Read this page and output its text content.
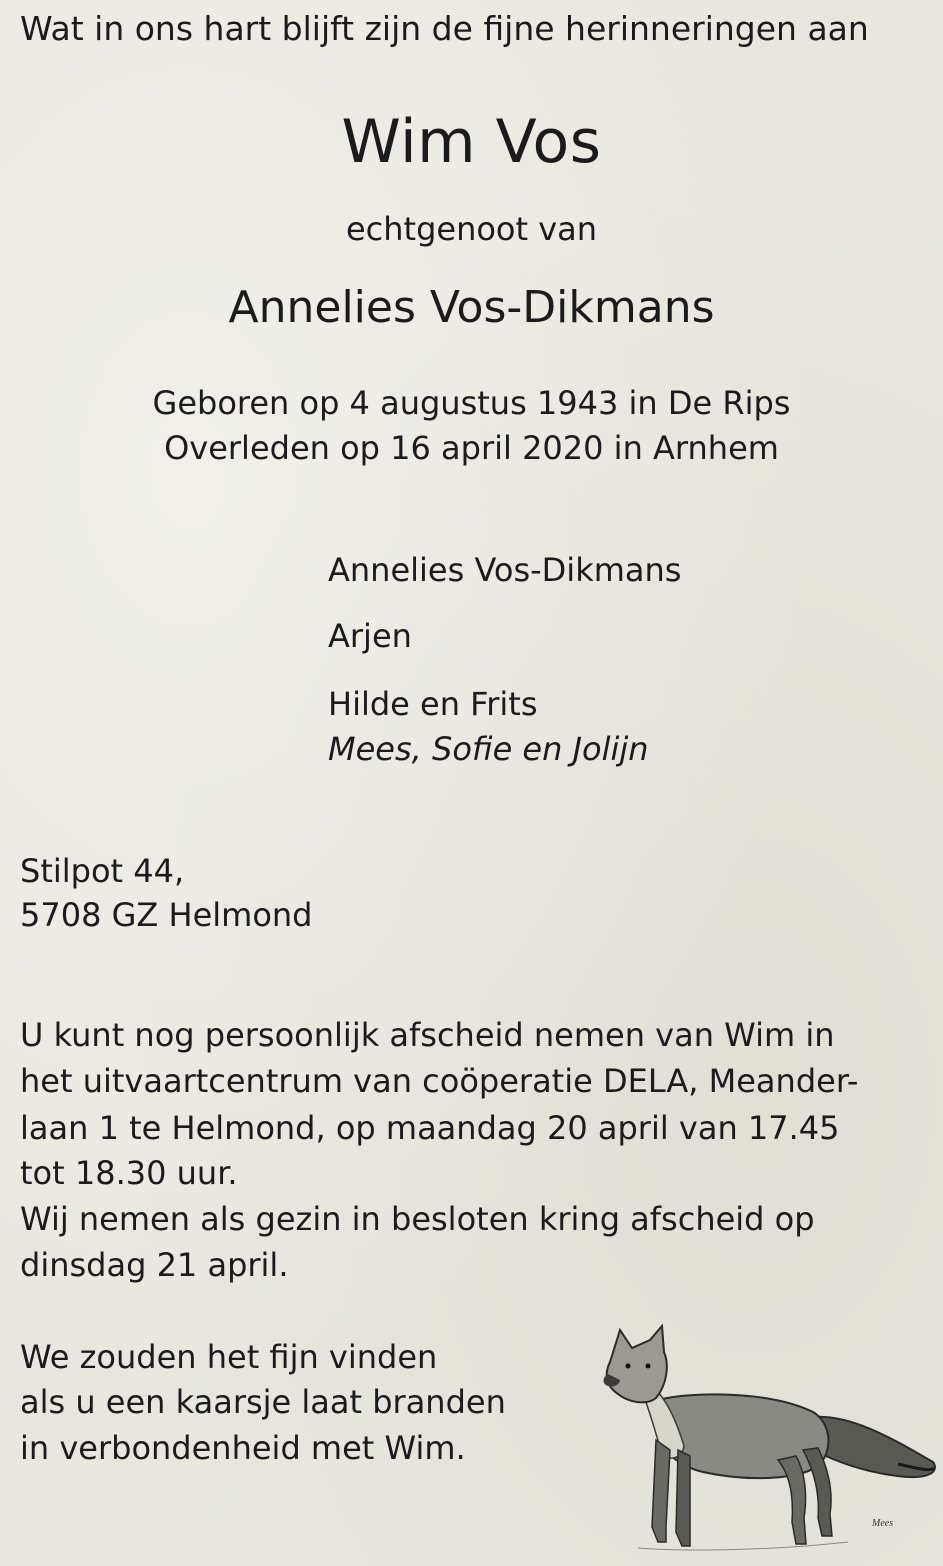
Wat in ons hart blijft zijn de fijne herinneringen aan

Wim Vos

echtgenoot van

Annelies Vos-Dikmans

Geboren op 4 augustus 1943 in De Rips

Overleden op 16 april 2020 in Arnhem

Annelies Vos-Dikmans

Arjen

Hilde en Frits

Mees, Sofie en Jolijn

Stilpot 44,

5708 GZ Helmond

U kunt nog persoonlijk afscheid nemen van Wim in

het uitvaartcentrum van coöperatie DELA, Meander-

laan 1 te Helmond, op maandag 20 april van 17.45

tot 18.30 uur.

Wij nemen als gezin in besloten kring afscheid op

dinsdag 21 april.

We zouden het fijn vinden

als u een kaarsje laat branden

in verbondenheid met Wim.

Mees
